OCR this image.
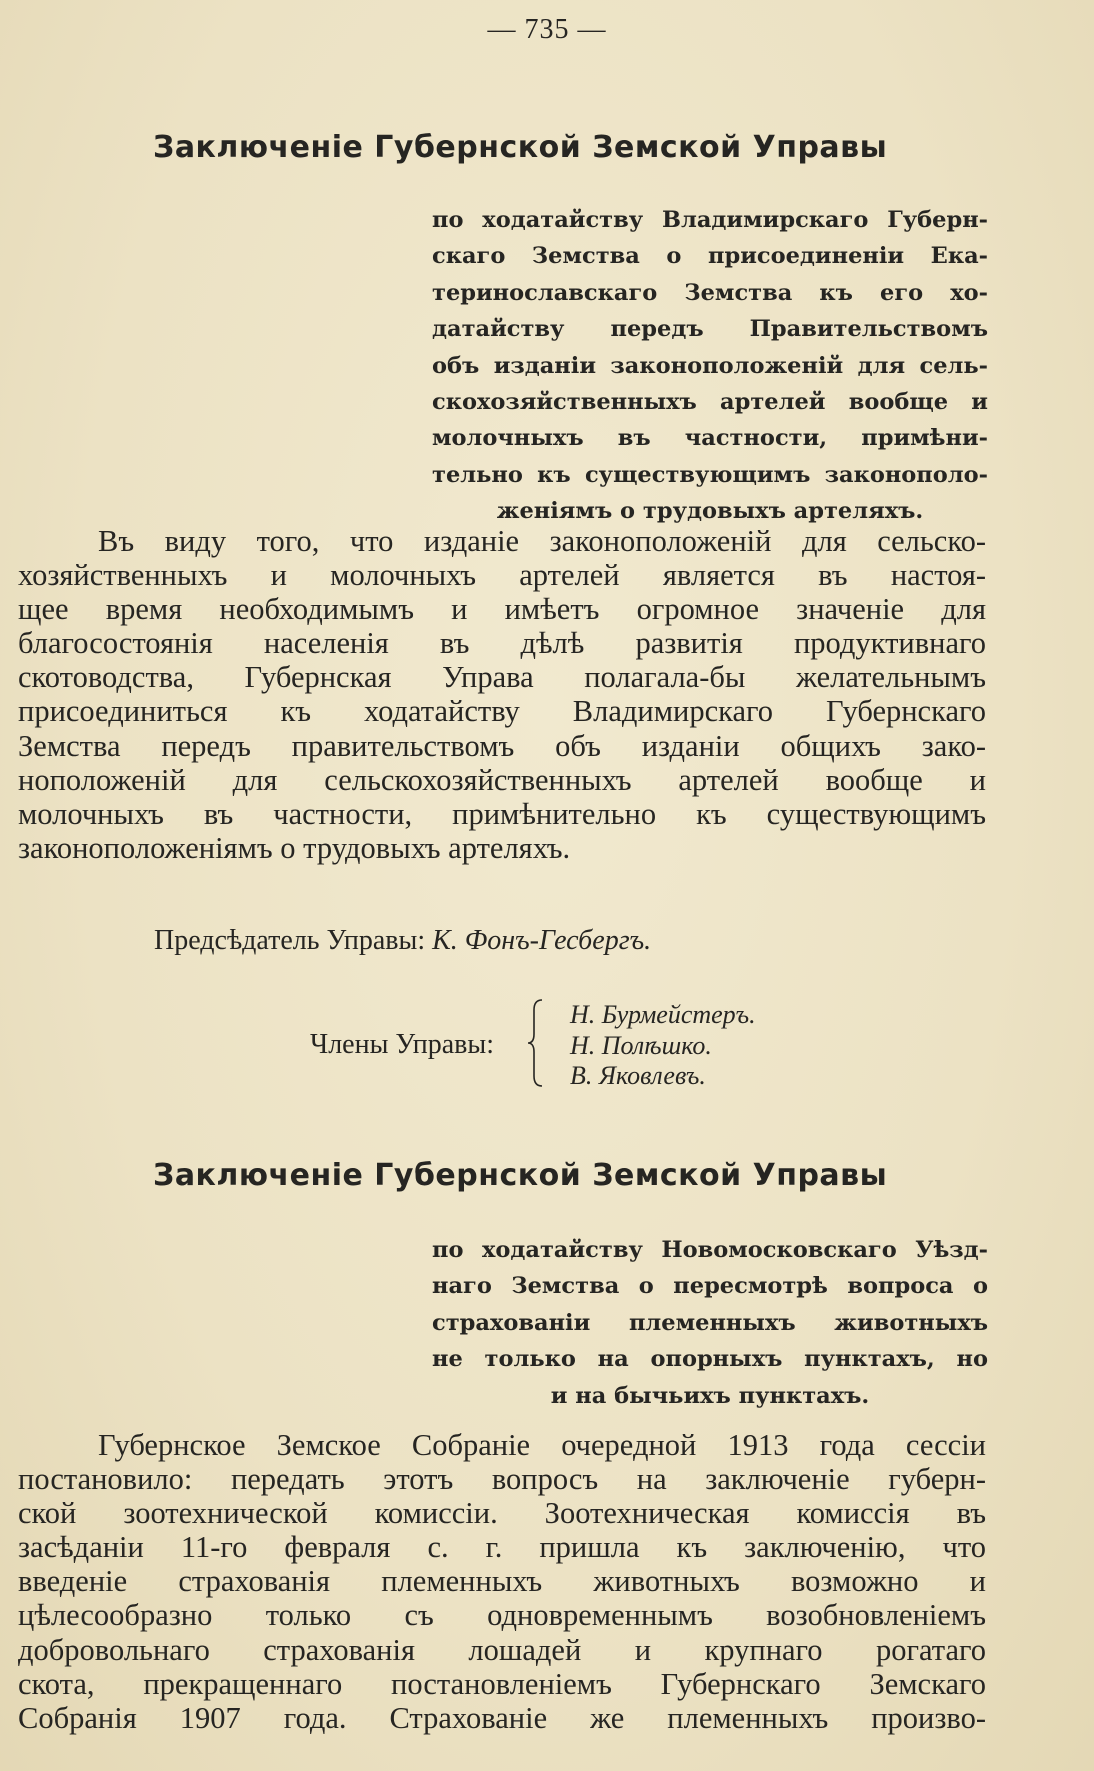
— 735 —
Заключеніе Губернской Земской Управы
по ходатайству Владимирскаго Губерн-
скаго Земства о присоединеніи Ека-
теринославскаго Земства къ его хо-
датайству передъ Правительствомъ
объ изданіи законоположеній для сель-
скохозяйственныхъ артелей вообще и
молочныхъ въ частности, примѣни-
тельно къ существующимъ законополо-
женіямъ о трудовыхъ артеляхъ.
Въ виду того, что изданіе законоположеній для сельско-
хозяйственныхъ и молочныхъ артелей является въ настоя-
щее время необходимымъ и имѣетъ огромное значеніе для
благосостоянія населенія въ дѣлѣ развитія продуктивнаго
скотоводства, Губернская Управа полагала-бы желательнымъ
присоединиться къ ходатайству Владимирскаго Губернскаго
Земства передъ правительствомъ объ изданіи общихъ зако-
ноположеній для сельскохозяйственныхъ артелей вообще и
молочныхъ въ частности, примѣнительно къ существующимъ
законоположеніямъ о трудовыхъ артеляхъ.
Предсѣдатель Управы: К. Фонъ-Гесбергъ.
Члены Управы:
Н. Бурмейстеръ.
Н. Полѣшко.
В. Яковлевъ.
Заключеніе Губернской Земской Управы
по ходатайству Новомосковскаго Уѣзд-
наго Земства о пересмотрѣ вопроса о
страхованіи племенныхъ животныхъ
не только на опорныхъ пунктахъ, но
и на бычьихъ пунктахъ.
Губернское Земское Собраніе очередной 1913 года сессіи
постановило: передать этотъ вопросъ на заключеніе губерн-
ской зоотехнической комиссіи. Зоотехническая комиссія въ
засѣданіи 11-го февраля с. г. пришла къ заключенію, что
введеніе страхованія племенныхъ животныхъ возможно и
цѣлесообразно только съ одновременнымъ возобновленіемъ
добровольнаго страхованія лошадей и крупнаго рогатаго
скота, прекращеннаго постановленіемъ Губернскаго Земскаго
Собранія 1907 года. Страхованіе же племенныхъ произво-
